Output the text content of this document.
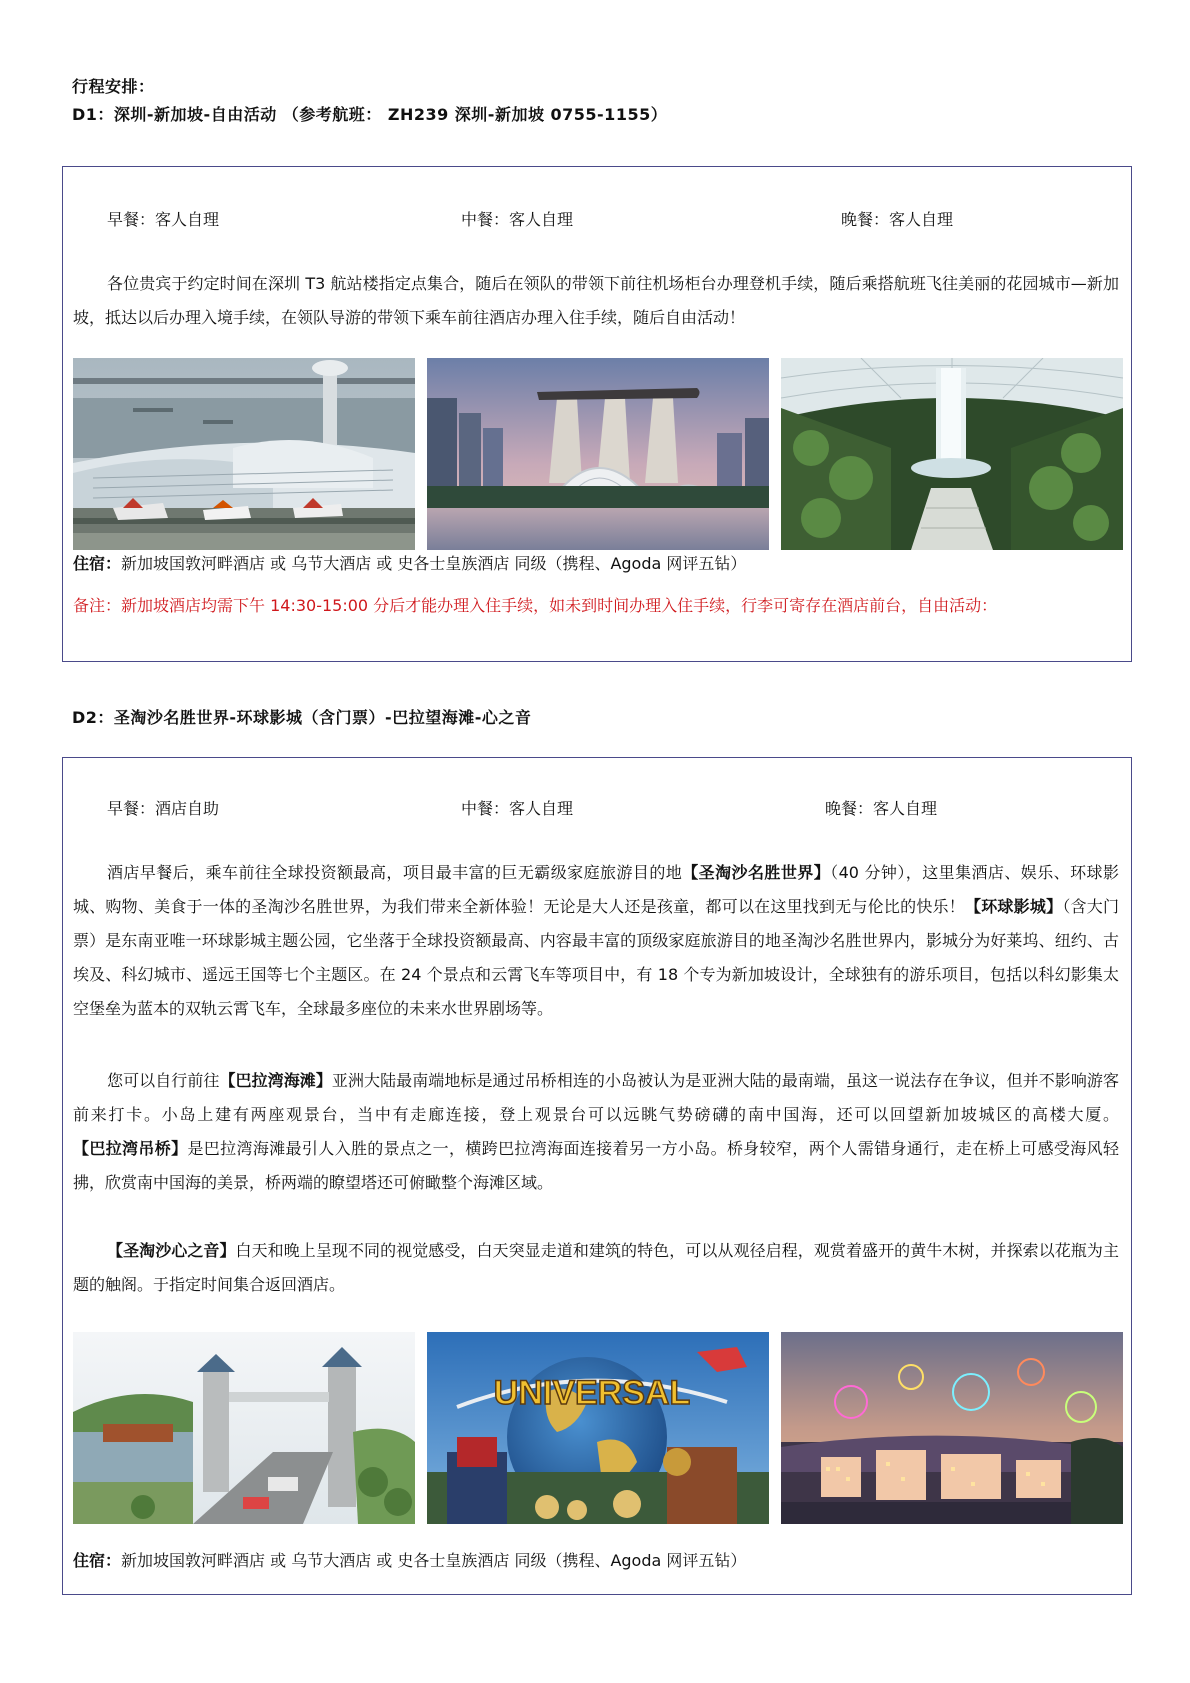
行程安排：
D1：深圳-新加坡-自由活动 （参考航班： ZH239 深圳-新加坡 0755-1155）
早餐：客人自理	中餐：客人自理	晚餐：客人自理
各位贵宾于约定时间在深圳 T3 航站楼指定点集合，随后在领队的带领下前往机场柜台办理登机手续，随后乘搭航班飞往美丽的花园城市—新加坡，抵达以后办理入境手续，在领队导游的带领下乘车前往酒店办理入住手续，随后自由活动！
住宿：新加坡国敦河畔酒店 或 乌节大酒店 或 史各士皇族酒店 同级（携程、Agoda 网评五钻）
备注：新加坡酒店均需下午 14:30-15:00 分后才能办理入住手续，如未到时间办理入住手续，行李可寄存在酒店前台，自由活动：
D2：圣淘沙名胜世界-环球影城（含门票）-巴拉望海滩-心之音
早餐：酒店自助	中餐：客人自理	晚餐：客人自理
酒店早餐后，乘车前往全球投资额最高，项目最丰富的巨无霸级家庭旅游目的地【圣淘沙名胜世界】（40 分钟），这里集酒店、娱乐、环球影城、购物、美食于一体的圣淘沙名胜世界，为我们带来全新体验！无论是大人还是孩童，都可以在这里找到无与伦比的快乐！【环球影城】（含大门票）是东南亚唯一环球影城主题公园，它坐落于全球投资额最高、内容最丰富的顶级家庭旅游目的地圣淘沙名胜世界内，影城分为好莱坞、纽约、古埃及、科幻城市、遥远王国等七个主题区。在 24 个景点和云霄飞车等项目中，有 18 个专为新加坡设计，全球独有的游乐项目，包括以科幻影集太空堡垒为蓝本的双轨云霄飞车，全球最多座位的未来水世界剧场等。
您可以自行前往【巴拉湾海滩】亚洲大陆最南端地标是通过吊桥相连的小岛被认为是亚洲大陆的最南端，虽这一说法存在争议，但并不影响游客前来打卡。小岛上建有两座观景台，当中有走廊连接，登上观景台可以远眺气势磅礴的南中国海，还可以回望新加坡城区的高楼大厦。【巴拉湾吊桥】是巴拉湾海滩最引人入胜的景点之一，横跨巴拉湾海面连接着另一方小岛。桥身较窄，两个人需错身通行，走在桥上可感受海风轻拂，欣赏南中国海的美景，桥两端的瞭望塔还可俯瞰整个海滩区域。
【圣淘沙心之音】白天和晚上呈现不同的视觉感受，白天突显走道和建筑的特色，可以从观径启程，观赏着盛开的黄牛木树，并探索以花瓶为主题的触阁。于指定时间集合返回酒店。
UNIVERSAL
住宿：新加坡国敦河畔酒店 或 乌节大酒店 或 史各士皇族酒店 同级（携程、Agoda 网评五钻）
